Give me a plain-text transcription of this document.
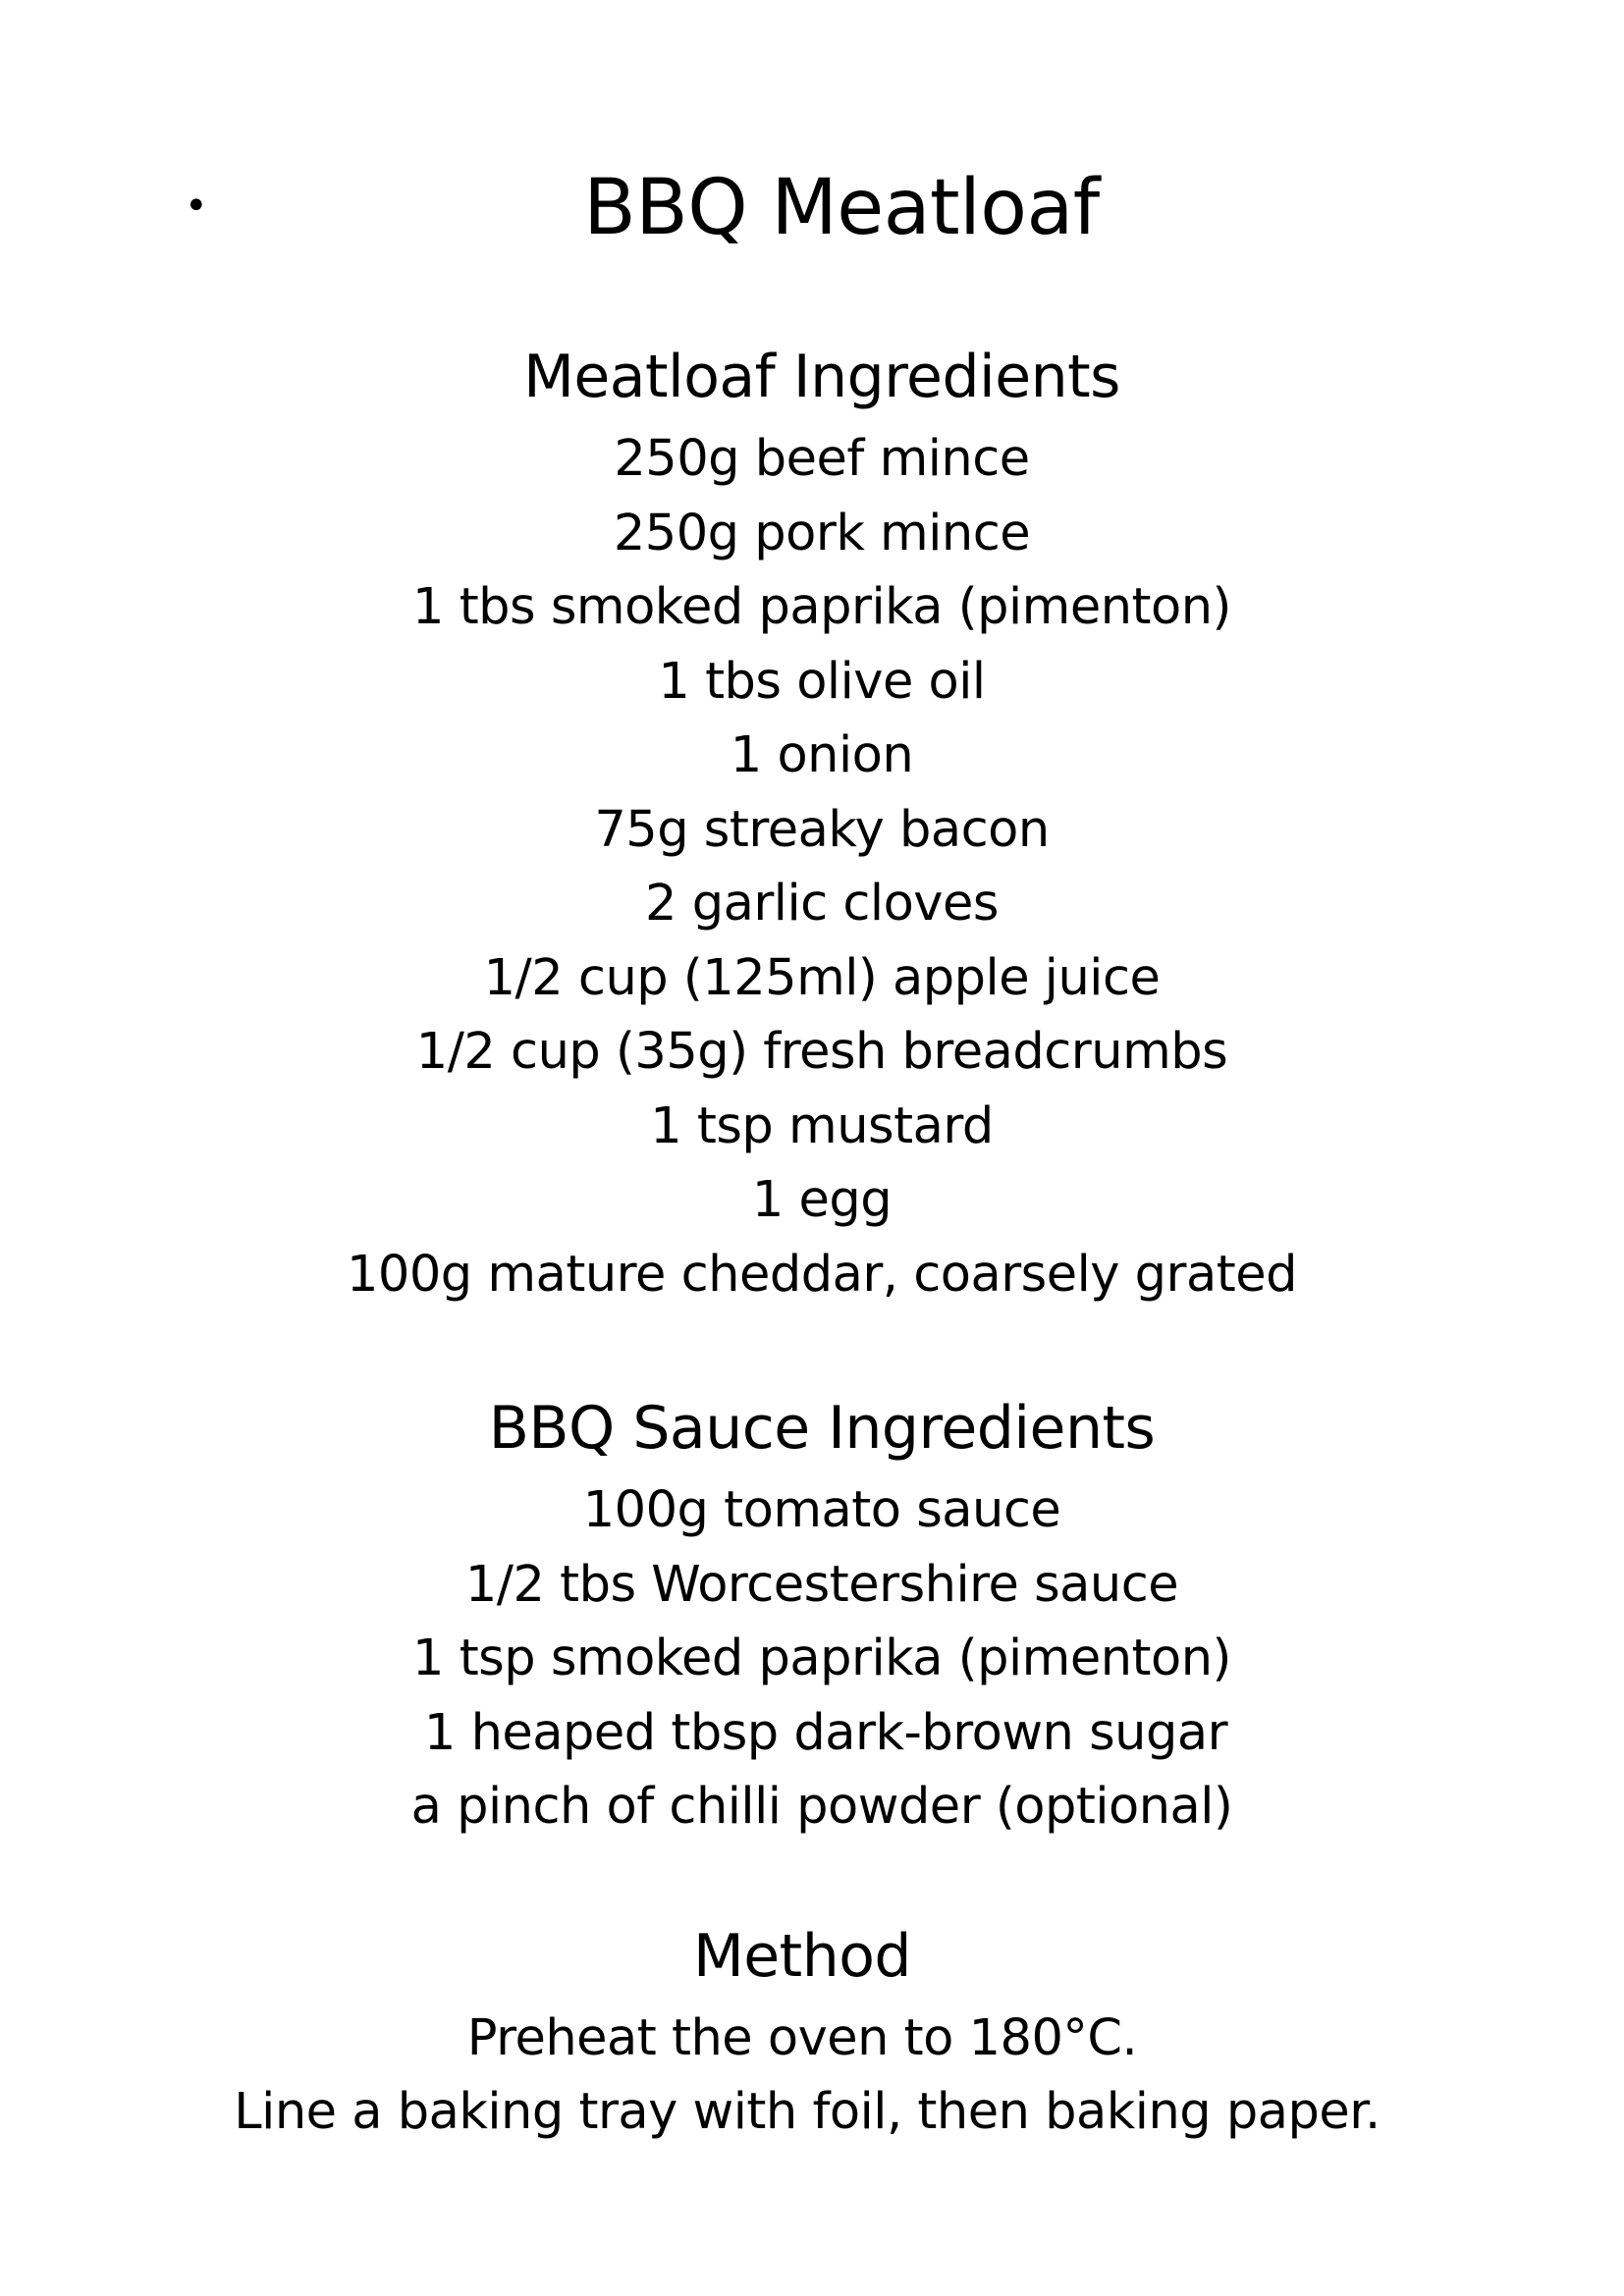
•	BBQ Meatloaf
Meatloaf Ingredients
250g beef mince
250g pork mince
1 tbs smoked paprika (pimenton)
1 tbs olive oil
1 onion
75g streaky bacon
2 garlic cloves
1/2 cup (125ml) apple juice
1/2 cup (35g) fresh breadcrumbs
1 tsp mustard
1 egg
100g mature cheddar, coarsely grated
BBQ Sauce Ingredients
100g tomato sauce
1/2 tbs Worcestershire sauce
1 tsp smoked paprika (pimenton)
1 heaped tbsp dark-brown sugar
a pinch of chilli powder (optional)
Method
Preheat the oven to 180°C.
Line a baking tray with foil, then baking paper.
